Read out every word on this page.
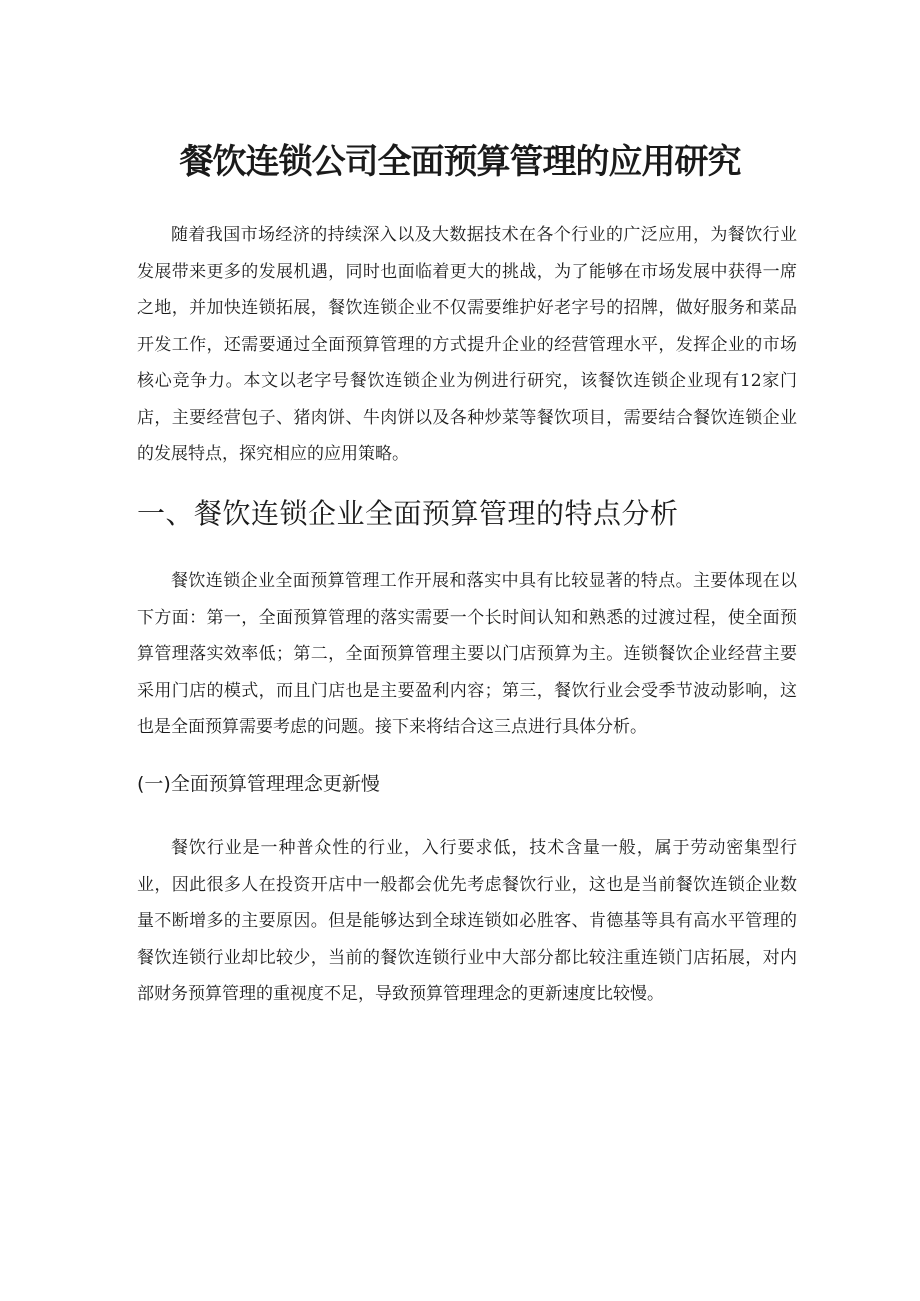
餐饮连锁公司全面预算管理的应用研究

随着我国市场经济的持续深入以及大数据技术在各个行业的广泛应用，为餐饮行业发展带来更多的发展机遇，同时也面临着更大的挑战，为了能够在市场发展中获得一席之地，并加快连锁拓展，餐饮连锁企业不仅需要维护好老字号的招牌，做好服务和菜品开发工作，还需要通过全面预算管理的方式提升企业的经营管理水平，发挥企业的市场核心竞争力。本文以老字号餐饮连锁企业为例进行研究，该餐饮连锁企业现有12家门店，主要经营包子、猪肉饼、牛肉饼以及各种炒菜等餐饮项目，需要结合餐饮连锁企业的发展特点，探究相应的应用策略。

一、餐饮连锁企业全面预算管理的特点分析

餐饮连锁企业全面预算管理工作开展和落实中具有比较显著的特点。主要体现在以下方面：第一，全面预算管理的落实需要一个长时间认知和熟悉的过渡过程，使全面预算管理落实效率低；第二，全面预算管理主要以门店预算为主。连锁餐饮企业经营主要采用门店的模式，而且门店也是主要盈利内容；第三，餐饮行业会受季节波动影响，这也是全面预算需要考虑的问题。接下来将结合这三点进行具体分析。

(一)全面预算管理理念更新慢

餐饮行业是一种普众性的行业，入行要求低，技术含量一般，属于劳动密集型行业，因此很多人在投资开店中一般都会优先考虑餐饮行业，这也是当前餐饮连锁企业数量不断增多的主要原因。但是能够达到全球连锁如必胜客、肯德基等具有高水平管理的餐饮连锁行业却比较少，当前的餐饮连锁行业中大部分都比较注重连锁门店拓展，对内部财务预算管理的重视度不足，导致预算管理理念的更新速度比较慢。
